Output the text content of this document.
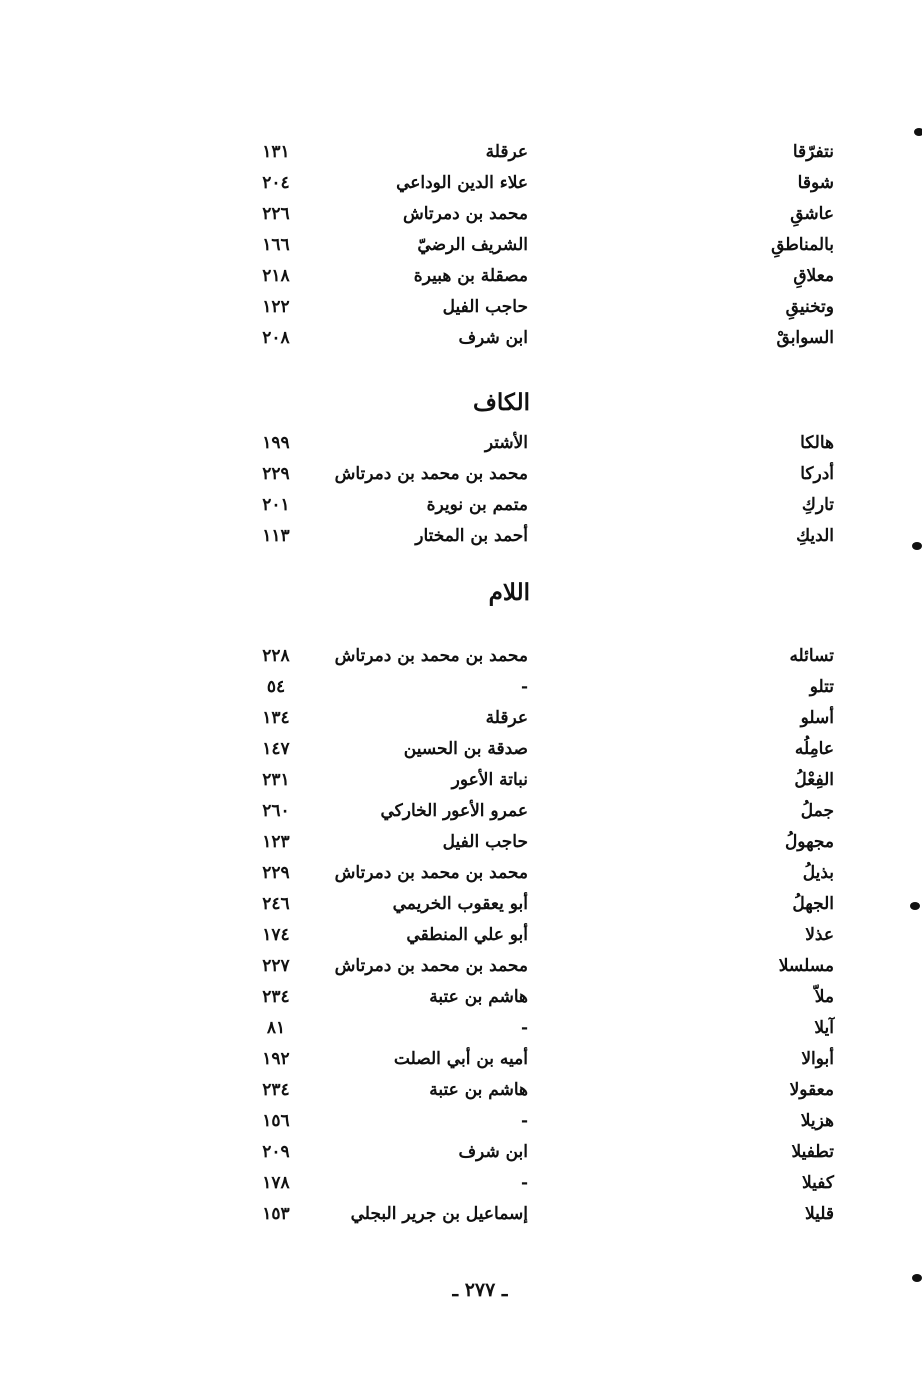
نتفرّقا
عرقلة
١٣١
شوقا
علاء الدين الوداعي
٢٠٤
عاشقِ
محمد بن دمرتاش
٢٢٦
بالمناطقِ
الشريف الرضيّ
١٦٦
معلاقِ
مصقلة بن هبيرة
٢١٨
وتخنيقِ
حاجب الفيل
١٢٢
السوابقْ
ابن شرف
٢٠٨
الكاف
هالكا
الأشتر
١٩٩
أدركا
محمد بن محمد بن دمرتاش
٢٢٩
تاركِ
متمم بن نويرة
٢٠١
الديكِ
أحمد بن المختار
١١٣
اللام
تسائله
محمد بن محمد بن دمرتاش
٢٢٨
تتلو
-
٥٤
أسلو
عرقلة
١٣٤
عامِلُه
صدقة بن الحسين
١٤٧
الفِعْلُ
نباتة الأعور
٢٣١
جملُ
عمرو الأعور الخاركي
٢٦٠
مجهولُ
حاجب الفيل
١٢٣
بذيلُ
محمد بن محمد بن دمرتاش
٢٢٩
الجهلُ
أبو يعقوب الخريمي
٢٤٦
عذلا
أبو علي المنطقي
١٧٤
مسلسلا
محمد بن محمد بن دمرتاش
٢٢٧
ملاّ
هاشم بن عتبة
٢٣٤
آيلا
-
٨١
أبوالا
أميه بن أبي الصلت
١٩٢
معقولا
هاشم بن عتبة
٢٣٤
هزيلا
-
١٥٦
تطفيلا
ابن شرف
٢٠٩
كفيلا
-
١٧٨
قليلا
إسماعيل بن جرير البجلي
١٥٣
ـ ٢٧٧ ـ
